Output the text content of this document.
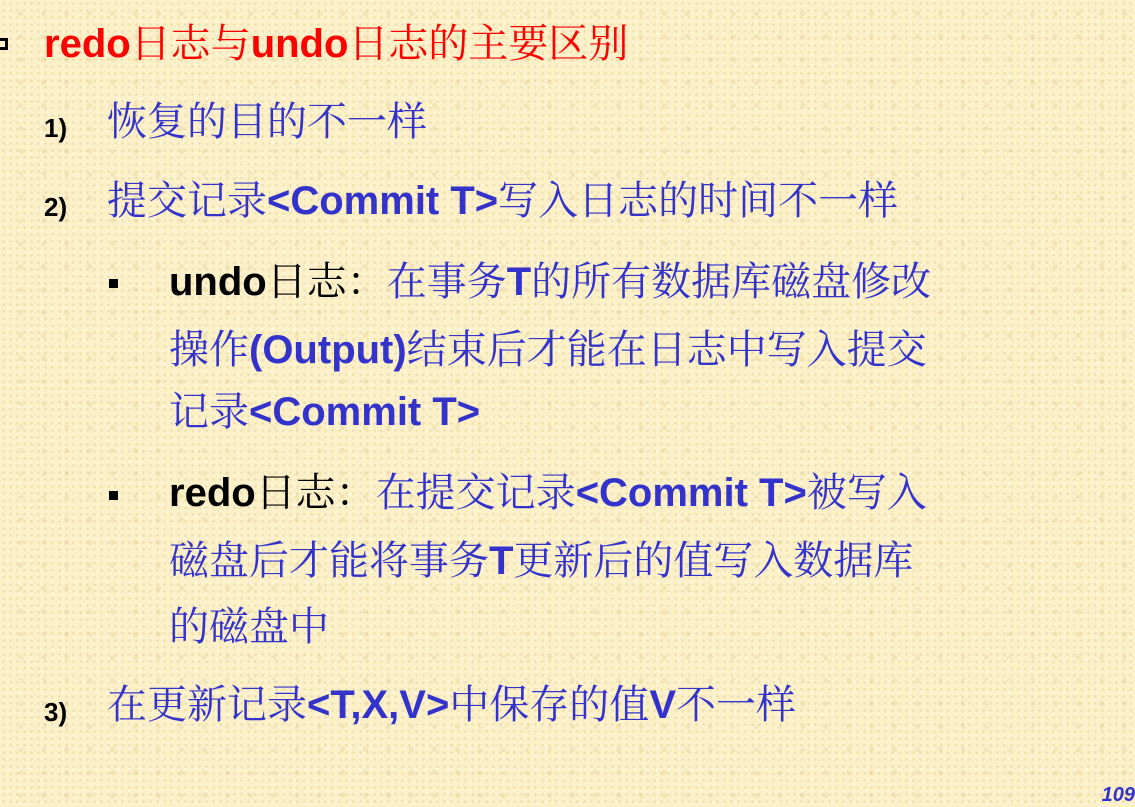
redo日志与undo日志的主要区别
1) 恢复的目的不一样
2) 提交记录<Commit T>写入日志的时间不一样
undo日志：在事务T的所有数据库磁盘修改
操作(Output)结束后才能在日志中写入提交
记录<Commit T>
redo日志：在提交记录<Commit T>被写入
磁盘后才能将事务T更新后的值写入数据库
的磁盘中
3) 在更新记录<T,X,V>中保存的值V不一样
109
